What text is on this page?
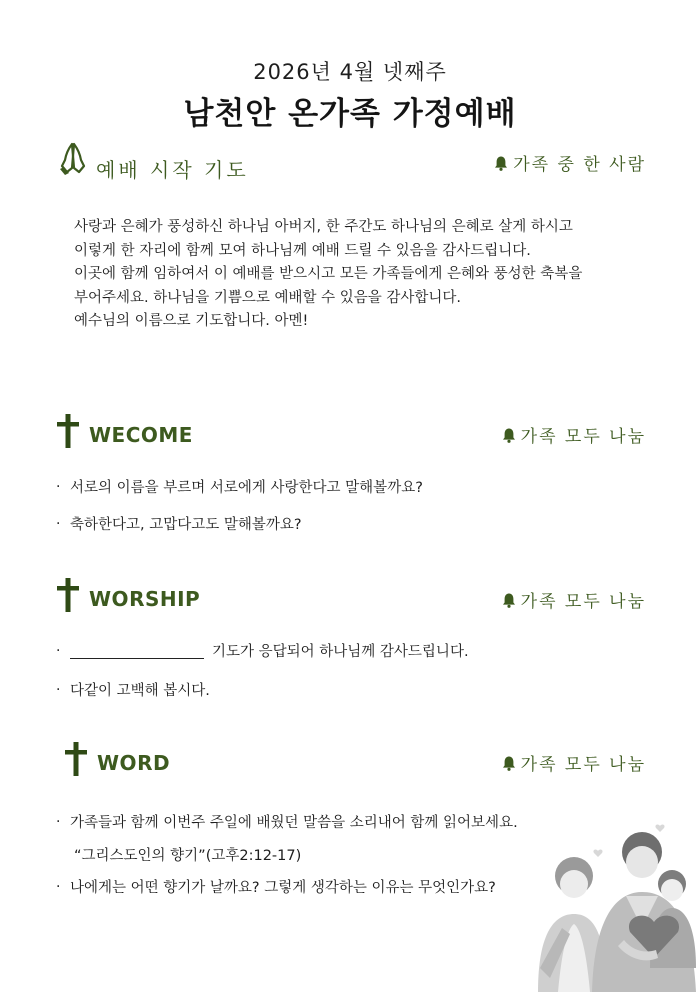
2026년 4월 넷째주
남천안 온가족 가정예배
예배 시작 기도	가족 중 한 사람

사랑과 은혜가 풍성하신 하나님 아버지, 한 주간도 하나님의 은혜로 살게 하시고

이렇게 한 자리에 함께 모여 하나님께 예배 드릴 수 있음을 감사드립니다.

이곳에 함께 임하여서 이 예배를 받으시고 모든 가족들에게 은혜와 풍성한 축복을

부어주세요. 하나님을 기쁨으로 예배할 수 있음을 감사합니다.

예수님의 이름으로 기도합니다. 아멘!

WECOME	가족 모두 나눔
· 서로의 이름을 부르며 서로에게 사랑한다고 말해볼까요?
· 축하한다고, 고맙다고도 말해볼까요?
WORSHIP	가족 모두 나눔
·	기도가 응답되어 하나님께 감사드립니다.
· 다같이 고백해 봅시다.
WORD	가족 모두 나눔
· 가족들과 함께 이번주 주일에 배웠던 말씀을 소리내어 함께 읽어보세요.
“그리스도인의 향기”(고후2:12-17)
· 나에게는 어떤 향기가 날까요? 그렇게 생각하는 이유는 무엇인가요?
